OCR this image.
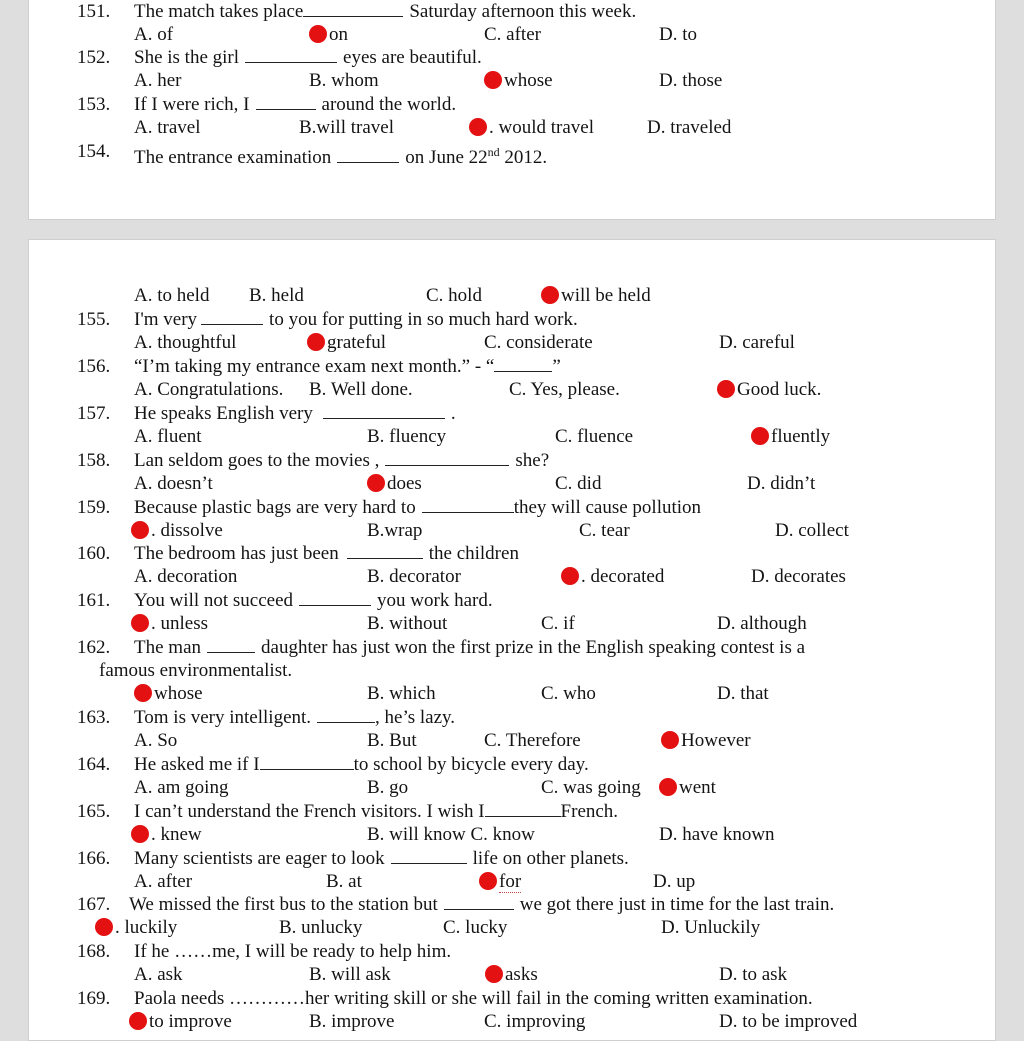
151.	The match takes place	Saturday afternoon this week.
A. of	on	C. after	D. to
152.	She is the girl	eyes are beautiful.
A. her	B. whom	whose	D. those
153.	If I were rich, I	around the world.
A. travel	B.will travel	. would travel	D. traveled
154.	The entrance examination	on June 22nd 2012.
A. to held B. held	C. hold	will be held
155.	I'm very	to you for putting in so much hard work.
A. thoughtful	grateful	C. considerate	D. careful
156.	“I’m taking my entrance exam next month.” - “	”
A. Congratulations. B. Well done.	C. Yes, please.	Good luck.
157.	He speaks English very	.
A. fluent	B. fluency	C. fluence	fluently
158.	Lan seldom goes to the movies ,	she?
A. doesn’t	does	C. did	D. didn’t
159.	Because plastic bags are very hard to	they will cause pollution
. dissolve	B.wrap	C. tear	D. collect
160.	The bedroom has just been	the children
A. decoration	B. decorator	. decorated	D. decorates
161.	You will not succeed	you work hard.
. unless	B. without	C. if	D. although
162.	The man	daughter has just won the first prize in the English speaking contest is a
famous environmentalist.
whose	B. which	C. who	D. that
163.	Tom is very intelligent.	, he’s lazy.
A. So	B. But	C. Therefore	However
164.	He asked me if I	to school by bicycle every day.
A. am going	B. go	C. was going	went
165.	I can’t understand the French visitors. I wish I	French.
. knew	B. will know C. know	D. have known
166.	Many scientists are eager to look	life on other planets.
A. after	B. at	for	D. up
167. We missed the first bus to the station but	we got there just in time for the last train.
. luckily	B. unlucky	C. lucky	D. Unluckily
168.	If he ……me, I will be ready to help him.
A. ask	B. will ask	asks	D. to ask
169.	Paola needs …………her writing skill or she will fail in the coming written examination.
to improve	B. improve	C. improving	D. to be improved
